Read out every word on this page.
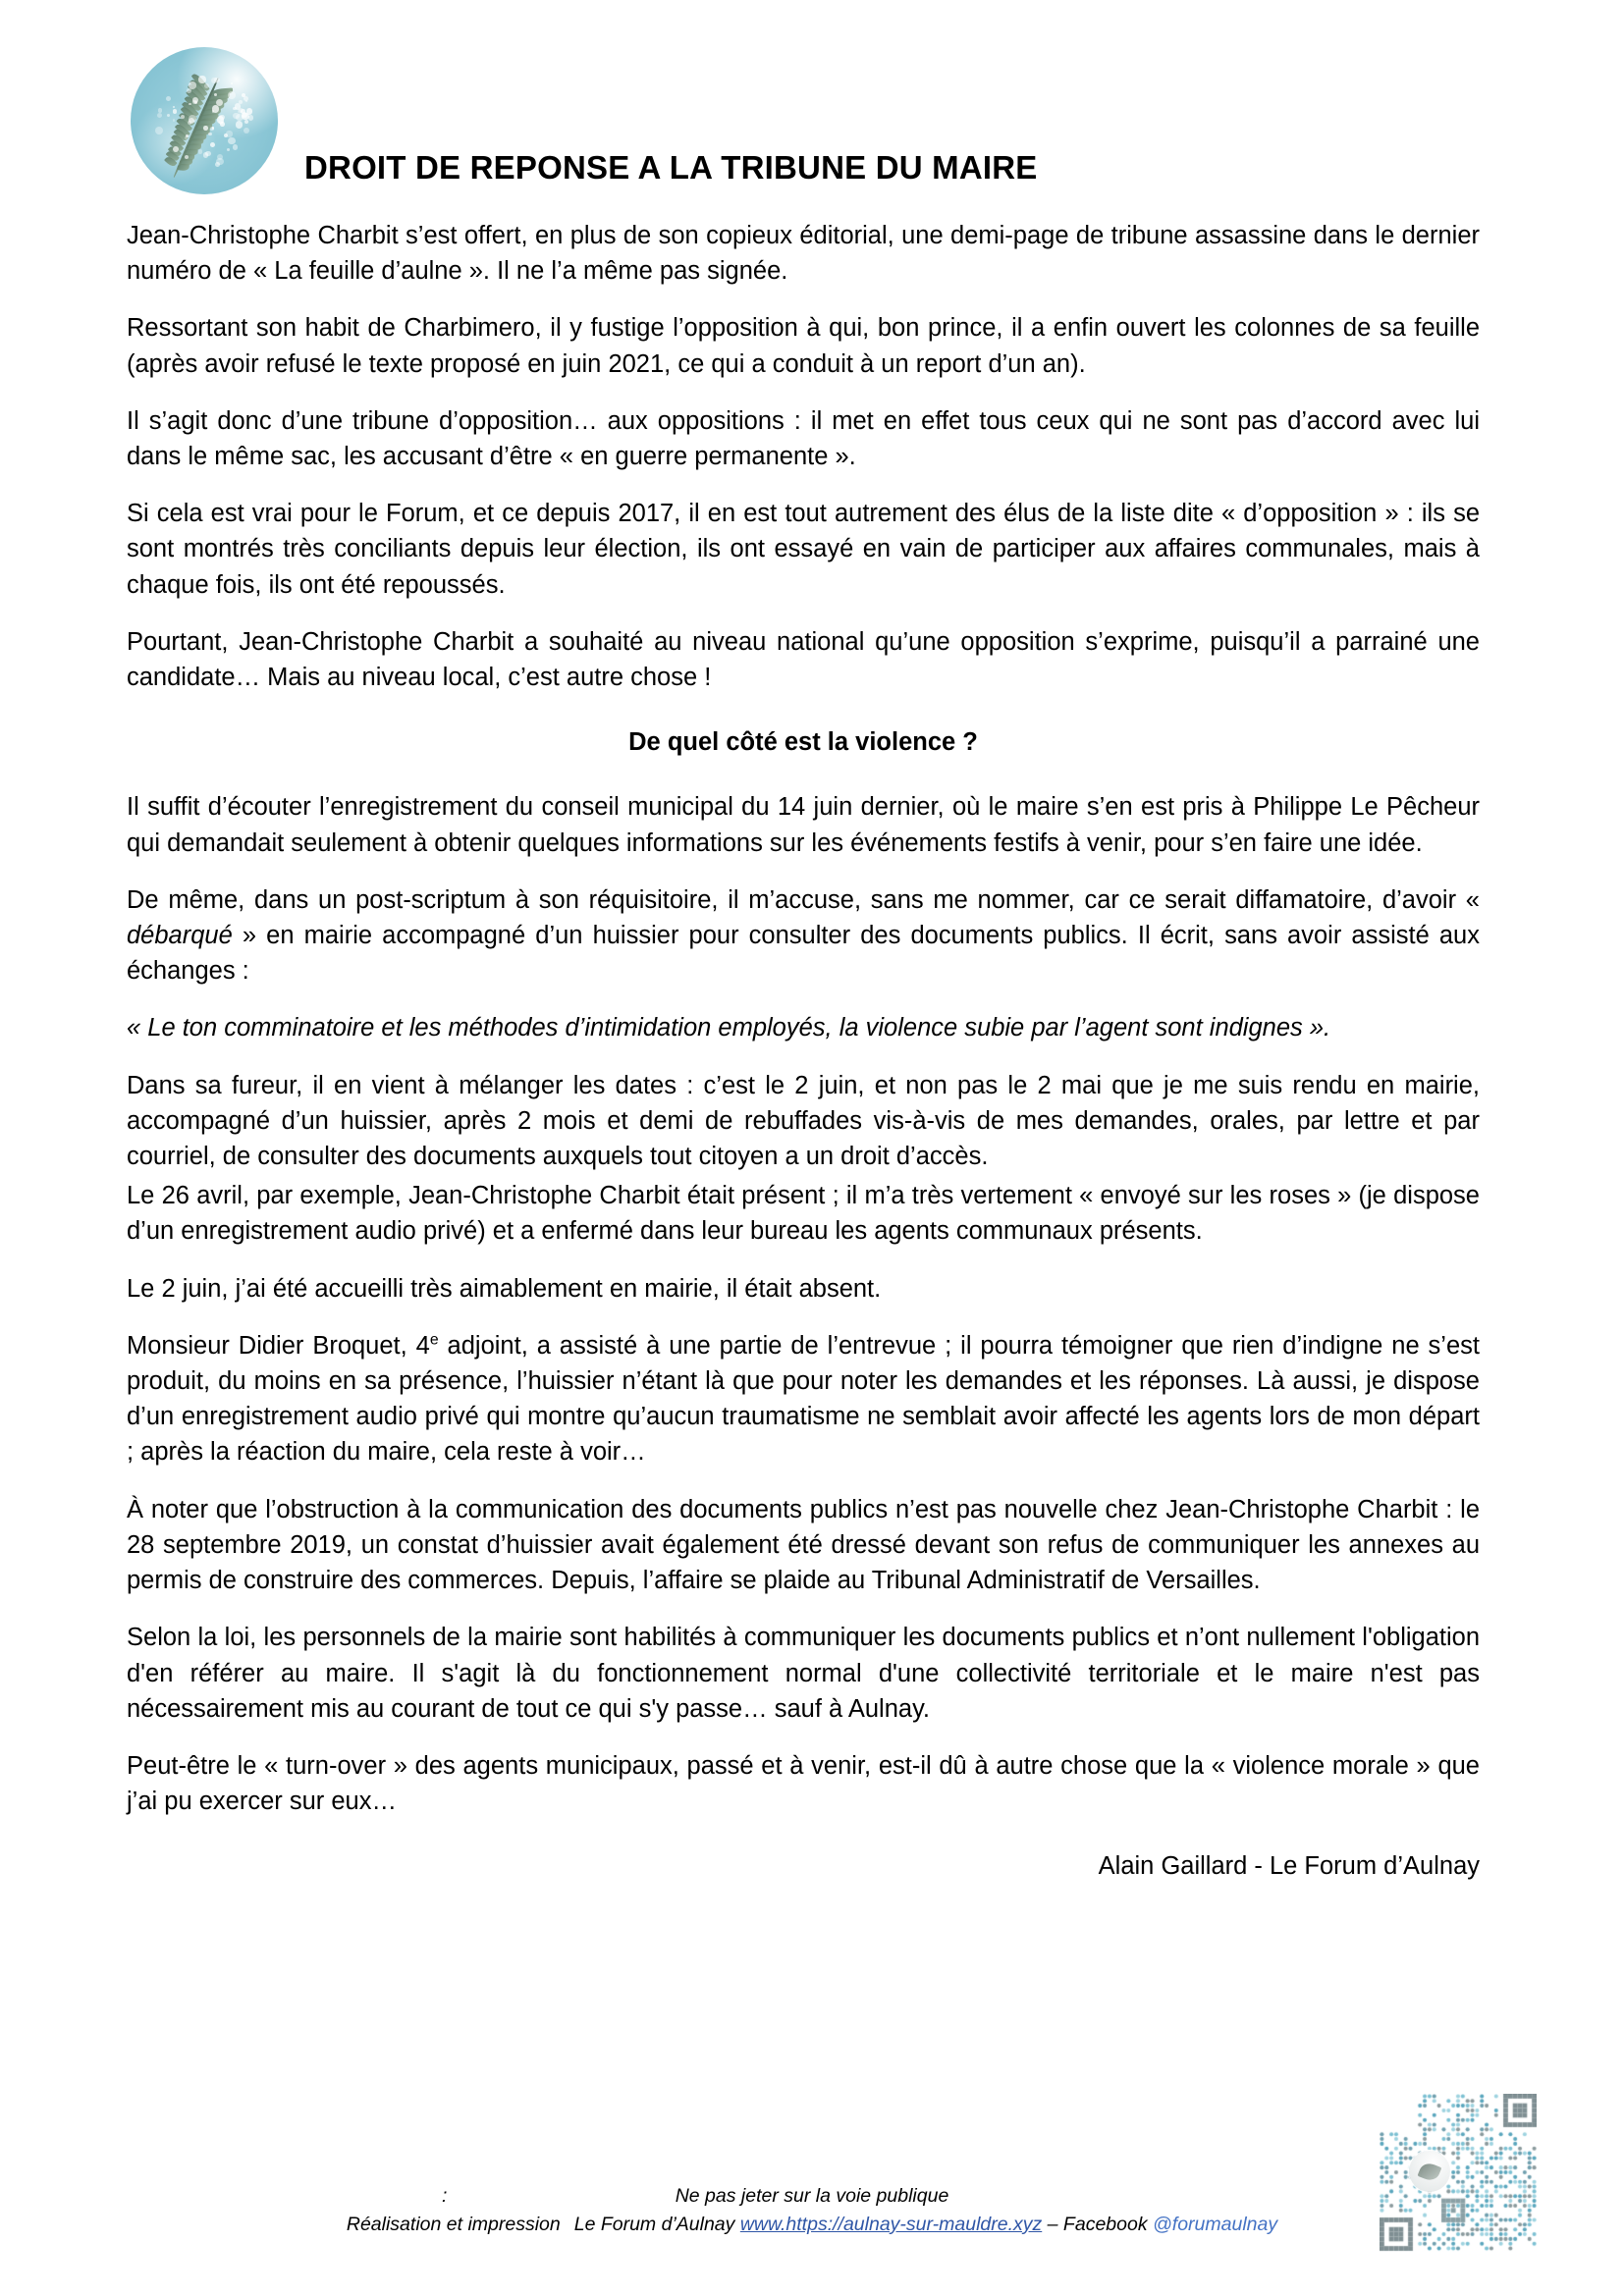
DROIT DE REPONSE A LA TRIBUNE DU MAIRE

Jean-Christophe Charbit s’est offert, en plus de son copieux éditorial, une demi-page de tribune assassine dans le dernier numéro de « La feuille d’aulne ». Il ne l’a même pas signée.

Ressortant son habit de Charbimero, il y fustige l’opposition à qui, bon prince, il a enfin ouvert les colonnes de sa feuille (après avoir refusé le texte proposé en juin 2021, ce qui a conduit à un report d’un an).

Il s’agit donc d’une tribune d’opposition… aux oppositions : il met en effet tous ceux qui ne sont pas d’accord avec lui dans le même sac, les accusant d’être « en guerre permanente ».

Si cela est vrai pour le Forum, et ce depuis 2017, il en est tout autrement des élus de la liste dite « d’opposition » : ils se sont montrés très conciliants depuis leur élection, ils ont essayé en vain de participer aux affaires communales, mais à chaque fois, ils ont été repoussés.

Pourtant, Jean-Christophe Charbit a souhaité au niveau national qu’une opposition s’exprime, puisqu’il a parrainé une candidate… Mais au niveau local, c’est autre chose !

De quel côté est la violence ?

Il suffit d’écouter l’enregistrement du conseil municipal du 14 juin dernier, où le maire s’en est pris à Philippe Le Pêcheur qui demandait seulement à obtenir quelques informations sur les événements festifs à venir, pour s’en faire une idée.

De même, dans un post-scriptum à son réquisitoire, il m’accuse, sans me nommer, car ce serait diffamatoire, d’avoir « débarqué » en mairie accompagné d’un huissier pour consulter des documents publics. Il écrit, sans avoir assisté aux échanges :

« Le ton comminatoire et les méthodes d’intimidation employés, la violence subie par l’agent sont indignes ».

Dans sa fureur, il en vient à mélanger les dates : c’est le 2 juin, et non pas le 2 mai que je me suis rendu en mairie, accompagné d’un huissier, après 2 mois et demi de rebuffades vis-à-vis de mes demandes, orales, par lettre et par courriel, de consulter des documents auxquels tout citoyen a un droit d’accès.

Le 26 avril, par exemple, Jean-Christophe Charbit était présent ; il m’a très vertement « envoyé sur les roses » (je dispose d’un enregistrement audio privé) et a enfermé dans leur bureau les agents communaux présents.

Le 2 juin, j’ai été accueilli très aimablement en mairie, il était absent.

Monsieur Didier Broquet, 4e adjoint, a assisté à une partie de l’entrevue ; il pourra témoigner que rien d’indigne ne s’est produit, du moins en sa présence, l’huissier n’étant là que pour noter les demandes et les réponses. Là aussi, je dispose d’un enregistrement audio privé qui montre qu’aucun traumatisme ne semblait avoir affecté les agents lors de mon départ ; après la réaction du maire, cela reste à voir…

À noter que l’obstruction à la communication des documents publics n’est pas nouvelle chez Jean-Christophe Charbit : le 28 septembre 2019, un constat d’huissier avait également été dressé devant son refus de communiquer les annexes au permis de construire des commerces. Depuis, l’affaire se plaide au Tribunal Administratif de Versailles.

Selon la loi, les personnels de la mairie sont habilités à communiquer les documents publics et n’ont nullement l'obligation d'en référer au maire. Il s'agit là du fonctionnement normal d'une collectivité territoriale et le maire n'est pas nécessairement mis au courant de tout ce qui s'y passe… sauf à Aulnay.

Peut-être le « turn-over » des agents municipaux, passé et à venir, est-il dû à autre chose que la « violence morale » que j’ai pu exercer sur eux…

Alain Gaillard - Le Forum d’Aulnay
:	Ne pas jeter sur la voie publique
Réalisation et impression Le Forum d’Aulnay www.https://aulnay-sur-mauldre.xyz – Facebook @forumaulnay
